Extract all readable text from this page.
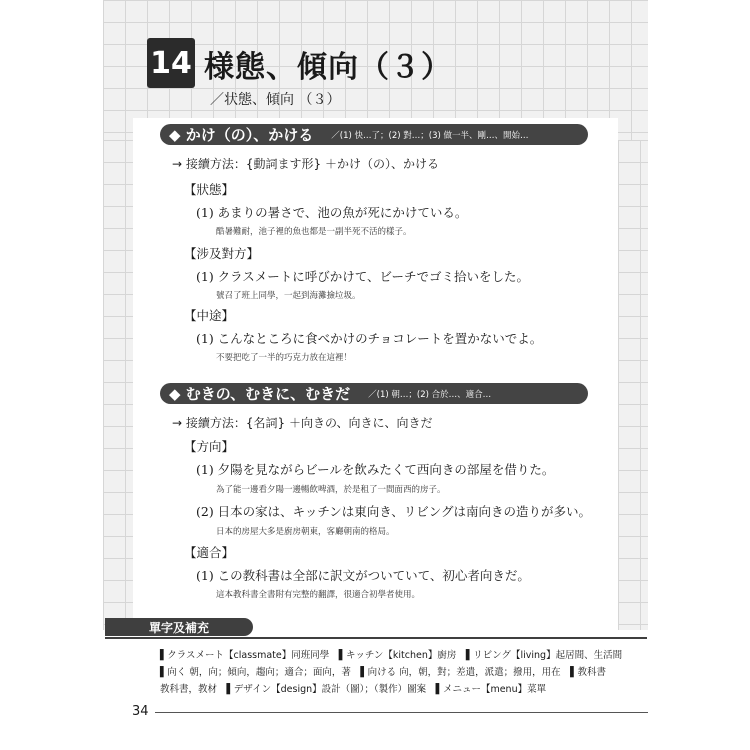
14 様態、傾向（３）
／状態、傾向 （３）
◆ かけ（の）、かける ／(1) 快…了；(2) 對…；(3) 做一半、剛…、開始…
→ 接續方法：{動詞ます形} ＋かけ（の）、かける
【狀態】
(1) あまりの暑さで、池の魚が死にかけている。
酷暑難耐，池子裡的魚也都是一副半死不活的樣子。
【涉及對方】
(1) クラスメートに呼びかけて、ビーチでゴミ拾いをした。
號召了班上同學，一起到海灘撿垃圾。
【中途】
(1) こんなところに食べかけのチョコレートを置かないでよ。
不要把吃了一半的巧克力放在這裡！
◆ むきの、むきに、むきだ ／(1) 朝…；(2) 合於…、適合…
→ 接續方法：{名詞} ＋向きの、向きに、向きだ
【方向】
(1) 夕陽を見ながらビールを飲みたくて西向きの部屋を借りた。
為了能一邊看夕陽一邊暢飲啤酒，於是租了一間面西的房子。
(2) 日本の家は、キッチンは東向き、リビングは南向きの造りが多い。
日本的房屋大多是廚房朝東，客廳朝南的格局。
【適合】
(1) この教科書は全部に訳文がついていて、初心者向きだ。
這本教科書全書附有完整的翻譯，很適合初學者使用。
單字及補充
▌クラスメート【classmate】同班同學　▌キッチン【kitchen】廚房　▌リビング【living】起居間、生活間
▌向く 朝，向；傾向，趨向；適合；面向，著　▌向ける 向，朝，對；差遣，派遣；撥用，用在　▌教科書
教科書，教材　▌デザイン【design】設計（圖）；（製作）圖案　▌メニュー【menu】菜單
34
